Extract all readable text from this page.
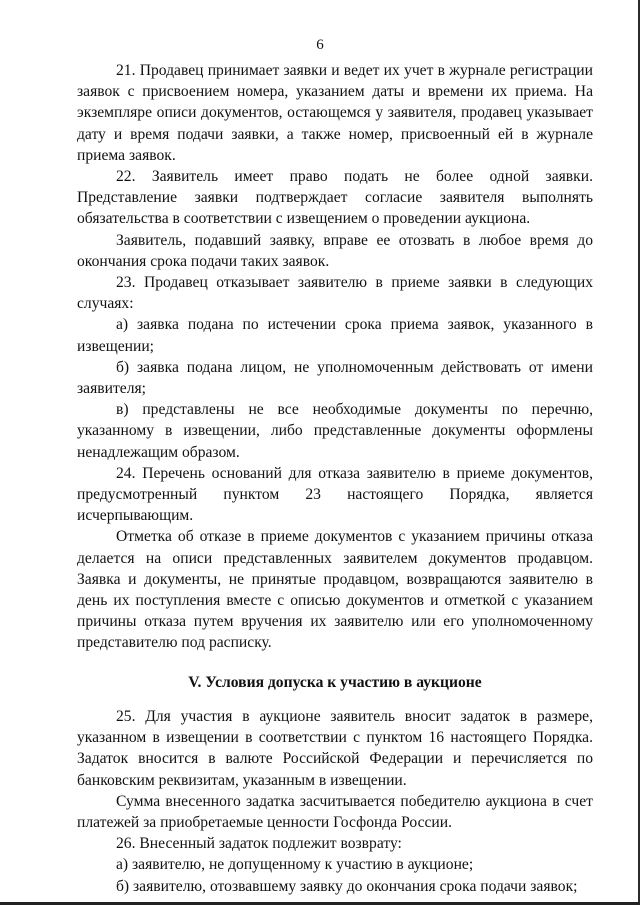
6

21. Продавец принимает заявки и ведет их учет в журнале регистрации заявок с присвоением номера, указанием даты и времени их приема. На экземпляре описи документов, остающемся у заявителя, продавец указывает дату и время подачи заявки, а также номер, присвоенный ей в журнале приема заявок.

22. Заявитель имеет право подать не более одной заявки. Представление заявки подтверждает согласие заявителя выполнять обязательства в соответствии с извещением о проведении аукциона.

Заявитель, подавший заявку, вправе ее отозвать в любое время до окончания срока подачи таких заявок.

23. Продавец отказывает заявителю в приеме заявки в следующих случаях:

а) заявка подана по истечении срока приема заявок, указанного в извещении;

б) заявка подана лицом, не уполномоченным действовать от имени заявителя;

в) представлены не все необходимые документы по перечню, указанному в извещении, либо представленные документы оформлены ненадлежащим образом.

24. Перечень оснований для отказа заявителю в приеме документов, предусмотренный пунктом 23 настоящего Порядка, является исчерпывающим.

Отметка об отказе в приеме документов с указанием причины отказа делается на описи представленных заявителем документов продавцом. Заявка и документы, не принятые продавцом, возвращаются заявителю в день их поступления вместе с описью документов и отметкой с указанием причины отказа путем вручения их заявителю или его уполномоченному представителю под расписку.

V. Условия допуска к участию в аукционе

25. Для участия в аукционе заявитель вносит задаток в размере, указанном в извещении в соответствии с пунктом 16 настоящего Порядка. Задаток вносится в валюте Российской Федерации и перечисляется по банковским реквизитам, указанным в извещении.

Сумма внесенного задатка засчитывается победителю аукциона в счет платежей за приобретаемые ценности Госфонда России.

26. Внесенный задаток подлежит возврату:

а) заявителю, не допущенному к участию в аукционе;

б) заявителю, отозвавшему заявку до окончания срока подачи заявок;
